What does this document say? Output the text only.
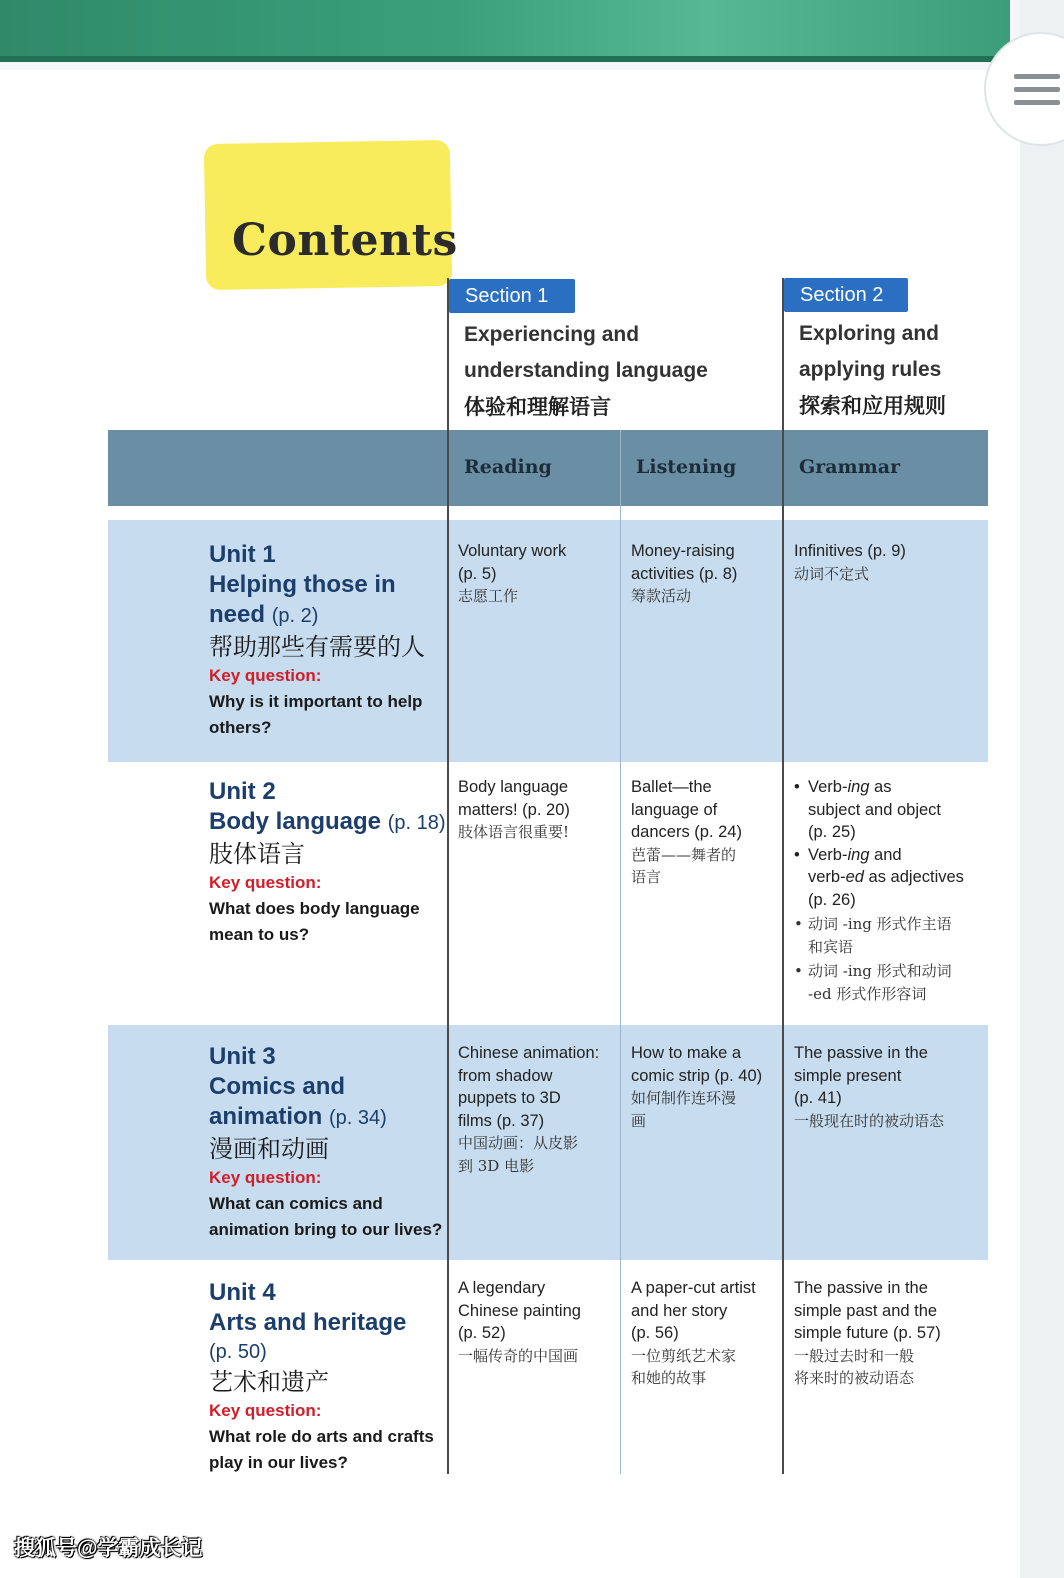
Contents
Section 1
Experiencing and
understanding language
体验和理解语言
Section 2
Exploring and
applying rules
探索和应用规则
Reading	Listening	Grammar
Unit 1
Helping those in
need (p. 2)
帮助那些有需要的人
Key question:
Why is it important to help
others?
Voluntary work
(p. 5)
志愿工作
Money-raising
activities (p. 8)
筹款活动
Infinitives (p. 9)
动词不定式
Unit 2
Body language (p. 18)
肢体语言
Key question:
What does body language
mean to us?
Body language
matters! (p. 20)
肢体语言很重要!
Ballet—the
language of
dancers (p. 24)
芭蕾——舞者的
语言
• Verb-ing as
subject and object
(p. 25)
• Verb-ing and
verb-ed as adjectives
(p. 26)
• 动词 -ing 形式作主语
和宾语
• 动词 -ing 形式和动词
-ed 形式作形容词
Unit 3
Comics and
animation (p. 34)
漫画和动画
Key question:
What can comics and
animation bring to our lives?
Chinese animation:
from shadow
puppets to 3D
films (p. 37)
中国动画：从皮影
到 3D 电影
How to make a
comic strip (p. 40)
如何制作连环漫
画
The passive in the
simple present
(p. 41)
一般现在时的被动语态
Unit 4
Arts and heritage
(p. 50)
艺术和遗产
Key question:
What role do arts and crafts
play in our lives?
A legendary
Chinese painting
(p. 52)
一幅传奇的中国画
A paper-cut artist
and her story
(p. 56)
一位剪纸艺术家
和她的故事
The passive in the
simple past and the
simple future (p. 57)
一般过去时和一般
将来时的被动语态
搜狐号@学霸成长记
